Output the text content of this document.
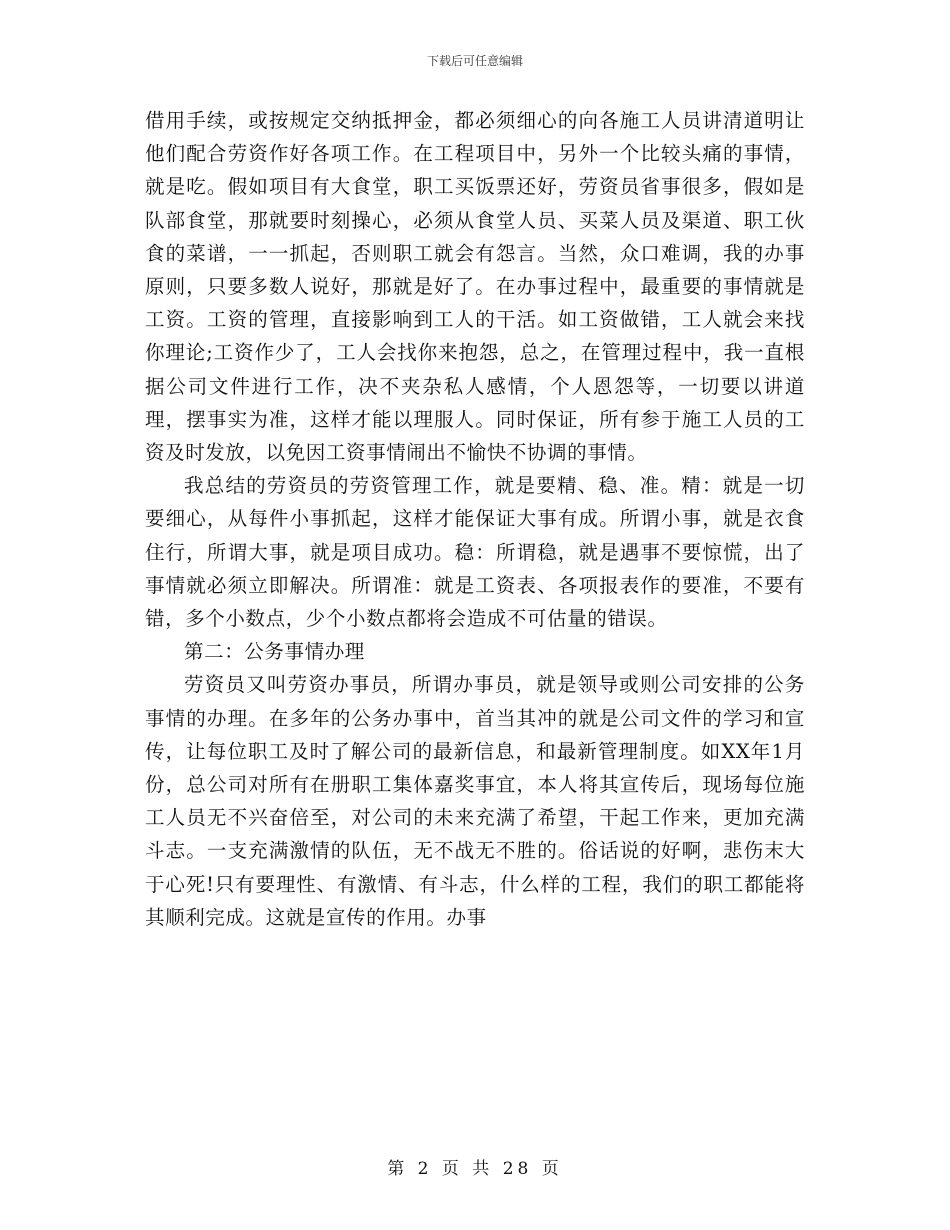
下载后可任意编辑

借用手续，或按规定交纳抵押金，都必须细心的向各施工人员讲清道明让他们配合劳资作好各项工作。在工程项目中，另外一个比较头痛的事情，就是吃。假如项目有大食堂，职工买饭票还好，劳资员省事很多，假如是队部食堂，那就要时刻操心，必须从食堂人员、买菜人员及渠道、职工伙食的菜谱，一一抓起，否则职工就会有怨言。当然，众口难调，我的办事原则，只要多数人说好，那就是好了。在办事过程中，最重要的事情就是工资。工资的管理，直接影响到工人的干活。如工资做错，工人就会来找你理论;工资作少了，工人会找你来抱怨，总之，在管理过程中，我一直根据公司文件进行工作，决不夹杂私人感情，个人恩怨等，一切要以讲道理，摆事实为准，这样才能以理服人。同时保证，所有参于施工人员的工资及时发放，以免因工资事情闹出不愉快不协调的事情。

我总结的劳资员的劳资管理工作，就是要精、稳、准。精：就是一切要细心，从每件小事抓起，这样才能保证大事有成。所谓小事，就是衣食住行，所谓大事，就是项目成功。稳：所谓稳，就是遇事不要惊慌，出了事情就必须立即解决。所谓准：就是工资表、各项报表作的要准，不要有错，多个小数点，少个小数点都将会造成不可估量的错误。

第二：公务事情办理

劳资员又叫劳资办事员，所谓办事员，就是领导或则公司安排的公务事情的办理。在多年的公务办事中，首当其冲的就是公司文件的学习和宣传，让每位职工及时了解公司的最新信息，和最新管理制度。如XX年1月份，总公司对所有在册职工集体嘉奖事宜，本人将其宣传后，现场每位施工人员无不兴奋倍至，对公司的未来充满了希望，干起工作来，更加充满斗志。一支充满激情的队伍，无不战无不胜的。俗话说的好啊，悲伤末大于心死!只有要理性、有激情、有斗志，什么样的工程，我们的职工都能将其顺利完成。这就是宣传的作用。办事

第 2 页 共 28 页
